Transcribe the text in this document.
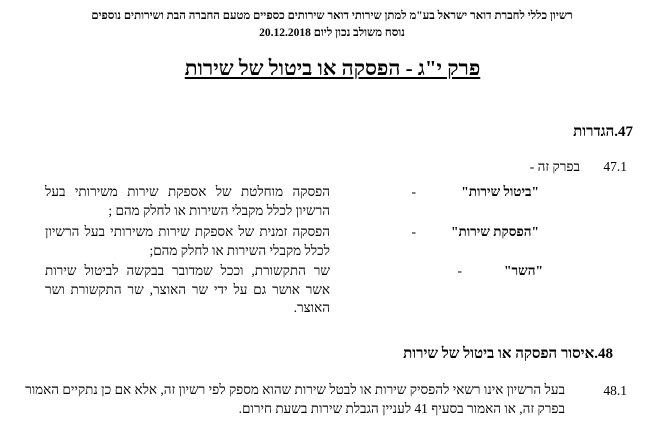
רשיון כללי לחברת דואר ישראל בע"מ למתן שירותי דואר שירותים כספיים מטעם החברה הבת ושירותים נוספים
נוסח משולב נכון ליום 20.12.2018
פרק י"ג - הפסקה או ביטול של שירות
47.הגדרות
47.1
בפרק זה -
"ביטול שירות"
-
הפסקה מוחלטת של אספקת שירות משירותי בעל הרשיון לכלל מקבלי השירות או לחלק מהם ;
"הפסקת שירות"
-
הפסקה זמנית של אספקת שירות משירותי בעל הרשיון לכלל מקבלי השירות או לחלק מהם;
"השר"
-
שר התקשורת, וככל שמדובר בבקשה לביטול שירות אשר אושר גם על ידי שר האוצר, שר התקשורת ושר האוצר.
48.איסור הפסקה או ביטול של שירות
48.1
בעל הרשיון אינו רשאי להפסיק שירות או לבטל שירות שהוא מספק לפי רשיון זה, אלא אם כן נתקיים האמור בפרק זה, או האמור בסעיף 41 לעניין הגבלת שירות בשעת חירום.
